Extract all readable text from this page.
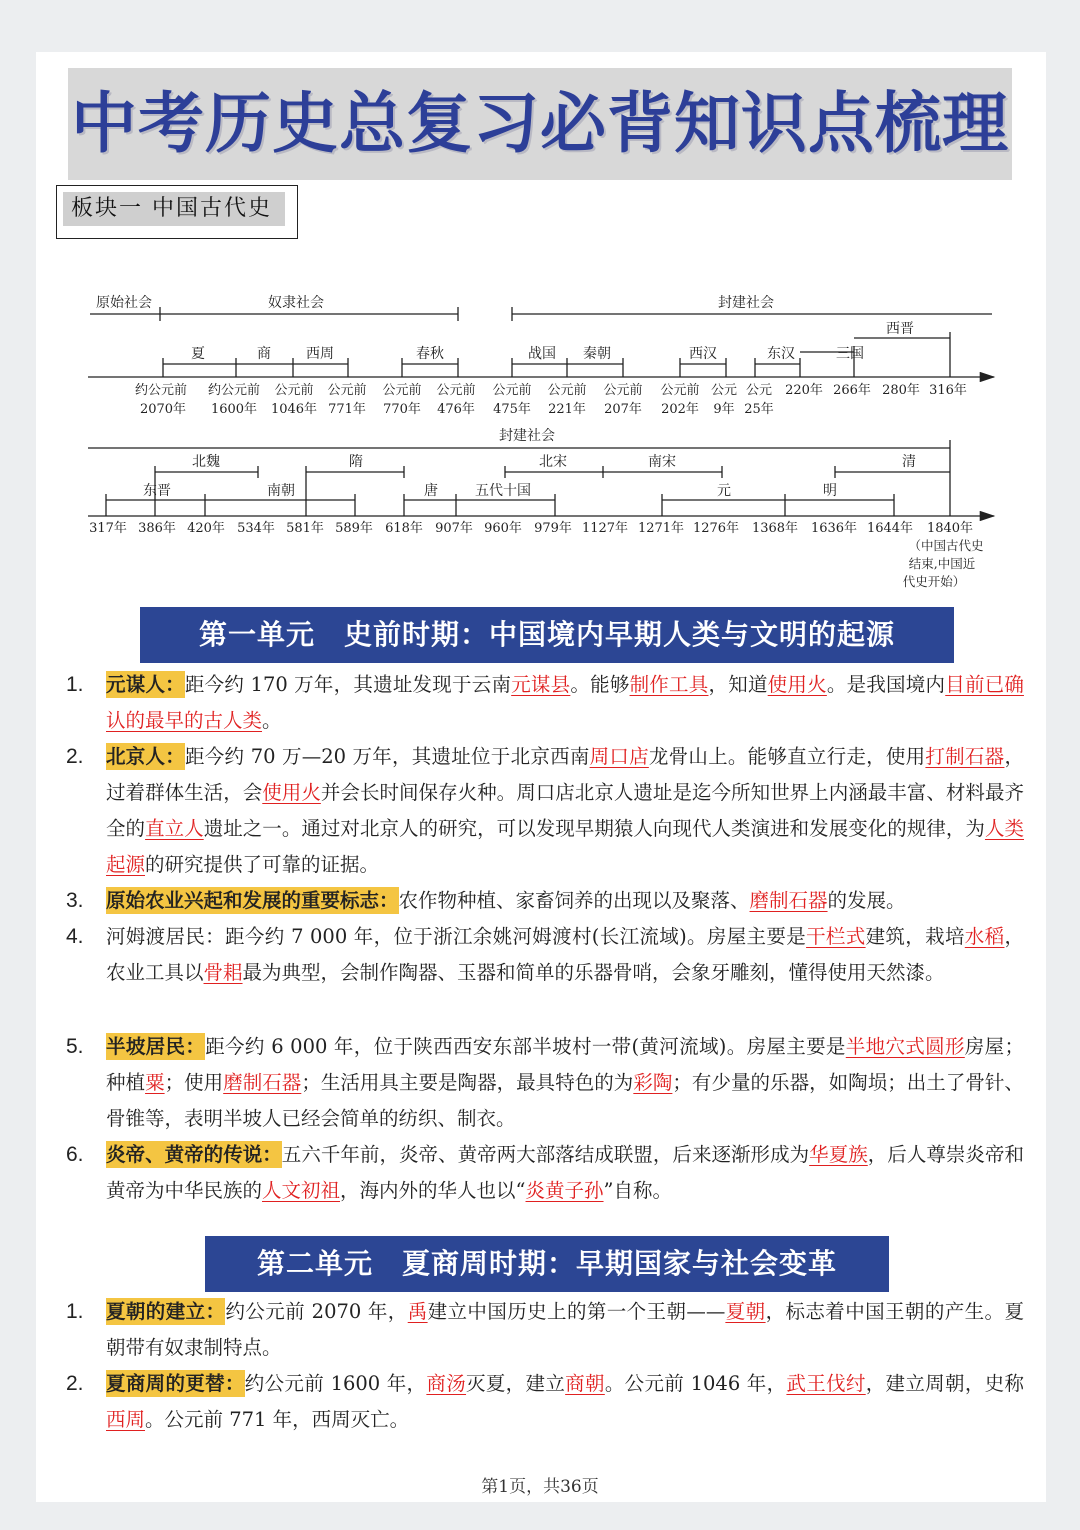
中考历史总复习必背知识点梳理
板块一 中国古代史
原始社会	奴隶社会	封建社会
夏	商	西周	春秋	战国 秦朝	西汉	东汉	三国
西晋
约公元前 约公元前 公元前 公元前 公元前 公元前 公元前 公元前 公元前 公元前 公元 公元 220年 266年 280年 316年
2070年 1600年 1046年 771年 770年 476年 475年 221年 207年 202年 9年 25年
封建社会
北魏	隋	北宋	南宋	清
东晋	南朝	唐	五代十国	元	明
317年 386年 420年 534年 581年 589年 618年 907年 960年 979年 1127年 1271年 1276年 1368年 1636年 1644年 1840年
（中国古代史
结束,中国近
代史开始）
第一单元　史前时期：中国境内早期人类与文明的起源
1. 元谋人：距今约 170 万年，其遗址发现于云南元谋县。能够制作工具，知道使用火。是我国境内目前已确认的最早的古人类。
2. 北京人：距今约 70 万—20 万年，其遗址位于北京西南周口店龙骨山上。能够直立行走，使用打制石器，过着群体生活，会使用火并会长时间保存火种。周口店北京人遗址是迄今所知世界上内涵最丰富、材料最齐全的直立人遗址之一。通过对北京人的研究，可以发现早期猿人向现代人类演进和发展变化的规律，为人类起源的研究提供了可靠的证据。
3. 原始农业兴起和发展的重要标志：农作物种植、家畜饲养的出现以及聚落、磨制石器的发展。
4. 河姆渡居民：距今约 7 000 年，位于浙江余姚河姆渡村(长江流域)。房屋主要是干栏式建筑，栽培水稻，农业工具以骨耜最为典型，会制作陶器、玉器和简单的乐器骨哨，会象牙雕刻，懂得使用天然漆。
5. 半坡居民：距今约 6 000 年，位于陕西西安东部半坡村一带(黄河流域)。房屋主要是半地穴式圆形房屋；种植粟；使用磨制石器；生活用具主要是陶器，最具特色的为彩陶；有少量的乐器，如陶埙；出土了骨针、骨锥等，表明半坡人已经会简单的纺织、制衣。
6. 炎帝、黄帝的传说：五六千年前，炎帝、黄帝两大部落结成联盟，后来逐渐形成为华夏族，后人尊崇炎帝和黄帝为中华民族的人文初祖，海内外的华人也以“炎黄子孙”自称。
第二单元　夏商周时期：早期国家与社会变革
1. 夏朝的建立：约公元前 2070 年，禹建立中国历史上的第一个王朝——夏朝，标志着中国王朝的产生。夏朝带有奴隶制特点。
2. 夏商周的更替：约公元前 1600 年，商汤灭夏，建立商朝。公元前 1046 年，武王伐纣，建立周朝，史称西周。公元前 771 年，西周灭亡。
第1页，共36页
